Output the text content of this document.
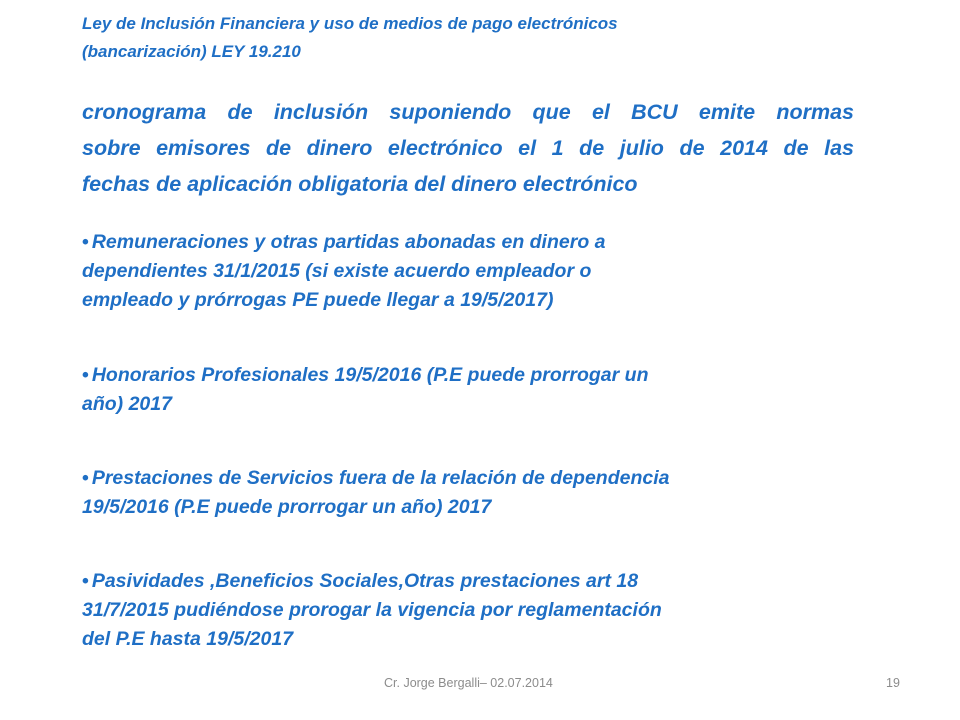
Ley de Inclusión Financiera y uso de medios de pago electrónicos
(bancarización) LEY 19.210
cronograma de inclusión suponiendo que el BCU emite normas
sobre emisores de dinero electrónico el 1 de julio de 2014 de las
fechas de aplicación obligatoria del dinero electrónico
• Remuneraciones y otras partidas abonadas en dinero a
dependientes 31/1/2015 (si existe acuerdo empleador o
empleado y prórrogas PE puede llegar a 19/5/2017)
• Honorarios Profesionales 19/5/2016 (P.E puede prorrogar un
año) 2017
• Prestaciones de Servicios fuera de la relación de dependencia
19/5/2016 (P.E puede prorrogar un año) 2017
• Pasividades ,Beneficios Sociales,Otras prestaciones art 18
31/7/2015 pudiéndose prorogar la vigencia por reglamentación
del P.E hasta 19/5/2017
Cr. Jorge Bergalli– 02.07.2014	19
